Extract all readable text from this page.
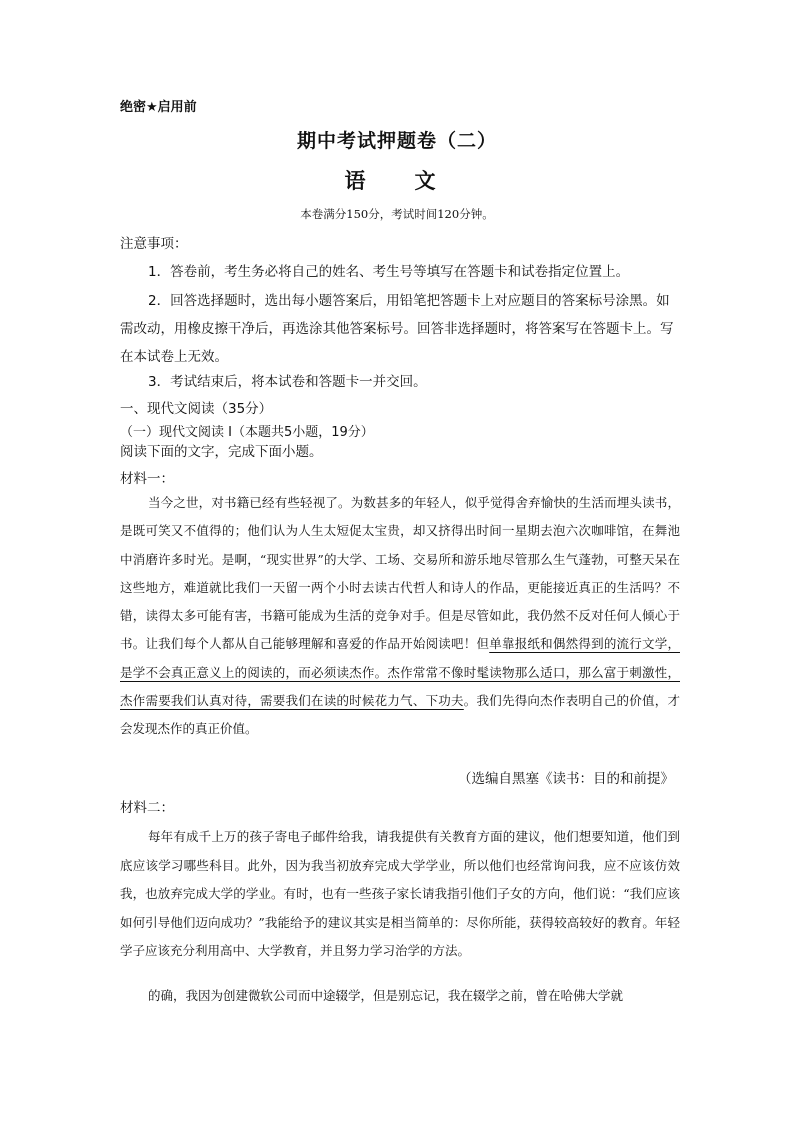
绝密★启用前
期中考试押题卷（二）
语　文
本卷满分150分，考试时间120分钟。
注意事项：
1．答卷前，考生务必将自己的姓名、考生号等填写在答题卡和试卷指定位置上。
2．回答选择题时，选出每小题答案后，用铅笔把答题卡上对应题目的答案标号涂黑。如需改动，用橡皮擦干净后，再选涂其他答案标号。回答非选择题时，将答案写在答题卡上。写在本试卷上无效。
3．考试结束后，将本试卷和答题卡一并交回。
一、现代文阅读（35分）
（一）现代文阅读 I（本题共5小题，19分）
阅读下面的文字，完成下面小题。
材料一：
当今之世，对书籍已经有些轻视了。为数甚多的年轻人，似乎觉得舍弃愉快的生活而埋头读书，是既可笑又不值得的；他们认为人生太短促太宝贵，却又挤得出时间一星期去泡六次咖啡馆，在舞池中消磨许多时光。是啊，“现实世界”的大学、工场、交易所和游乐地尽管那么生气蓬勃，可整天呆在这些地方，难道就比我们一天留一两个小时去读古代哲人和诗人的作品，更能接近真正的生活吗？不错，读得太多可能有害，书籍可能成为生活的竞争对手。但是尽管如此，我仍然不反对任何人倾心于书。让我们每个人都从自己能够理解和喜爱的作品开始阅读吧！但单靠报纸和偶然得到的流行文学，是学不会真正意义上的阅读的，而必须读杰作。杰作常常不像时髦读物那么适口，那么富于刺激性，杰作需要我们认真对待，需要我们在读的时候花力气、下功夫。我们先得向杰作表明自己的价值，才会发现杰作的真正价值。
（选编自黑塞《读书：目的和前提》
材料二：
每年有成千上万的孩子寄电子邮件给我，请我提供有关教育方面的建议，他们想要知道，他们到底应该学习哪些科目。此外，因为我当初放弃完成大学学业，所以他们也经常询问我，应不应该仿效我，也放弃完成大学的学业。有时，也有一些孩子家长请我指引他们子女的方向，他们说：“我们应该如何引导他们迈向成功？”我能给予的建议其实是相当简单的：尽你所能，获得较高较好的教育。年轻学子应该充分利用高中、大学教育，并且努力学习治学的方法。
的确，我因为创建微软公司而中途辍学，但是别忘记，我在辍学之前，曾在哈佛大学就
